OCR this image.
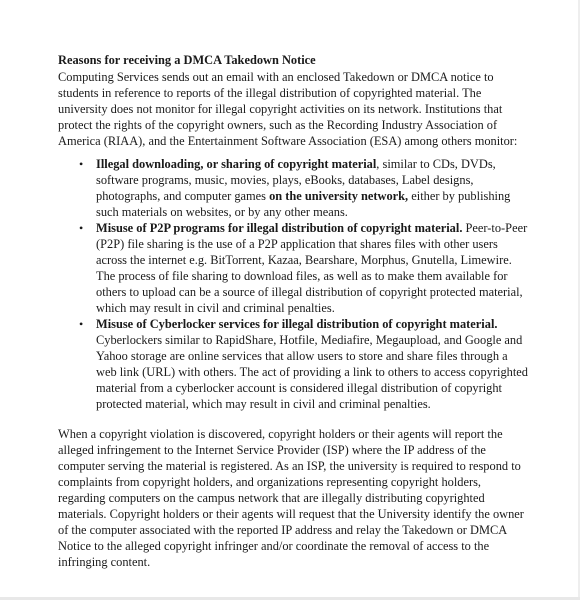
Reasons for receiving a DMCA Takedown Notice

Computing Services sends out an email with an enclosed Takedown or DMCA notice to students in reference to reports of the illegal distribution of copyrighted material. The university does not monitor for illegal copyright activities on its network. Institutions that protect the rights of the copyright owners, such as the Recording Industry Association of America (RIAA), and the Entertainment Software Association (ESA) among others monitor:

• Illegal downloading, or sharing of copyright material, similar to CDs, DVDs, software programs, music, movies, plays, eBooks, databases, Label designs, photographs, and computer games on the university network, either by publishing such materials on websites, or by any other means.
• Misuse of P2P programs for illegal distribution of copyright material. Peer-to-Peer (P2P) file sharing is the use of a P2P application that shares files with other users across the internet e.g. BitTorrent, Kazaa, Bearshare, Morphus, Gnutella, Limewire. The process of file sharing to download files, as well as to make them available for others to upload can be a source of illegal distribution of copyright protected material, which may result in civil and criminal penalties.
• Misuse of Cyberlocker services for illegal distribution of copyright material. Cyberlockers similar to RapidShare, Hotfile, Mediafire, Megaupload, and Google and Yahoo storage are online services that allow users to store and share files through a web link (URL) with others. The act of providing a link to others to access copyrighted material from a cyberlocker account is considered illegal distribution of copyright protected material, which may result in civil and criminal penalties.

When a copyright violation is discovered, copyright holders or their agents will report the alleged infringement to the Internet Service Provider (ISP) where the IP address of the computer serving the material is registered. As an ISP, the university is required to respond to complaints from copyright holders, and organizations representing copyright holders, regarding computers on the campus network that are illegally distributing copyrighted materials. Copyright holders or their agents will request that the University identify the owner of the computer associated with the reported IP address and relay the Takedown or DMCA Notice to the alleged copyright infringer and/or coordinate the removal of access to the infringing content.
